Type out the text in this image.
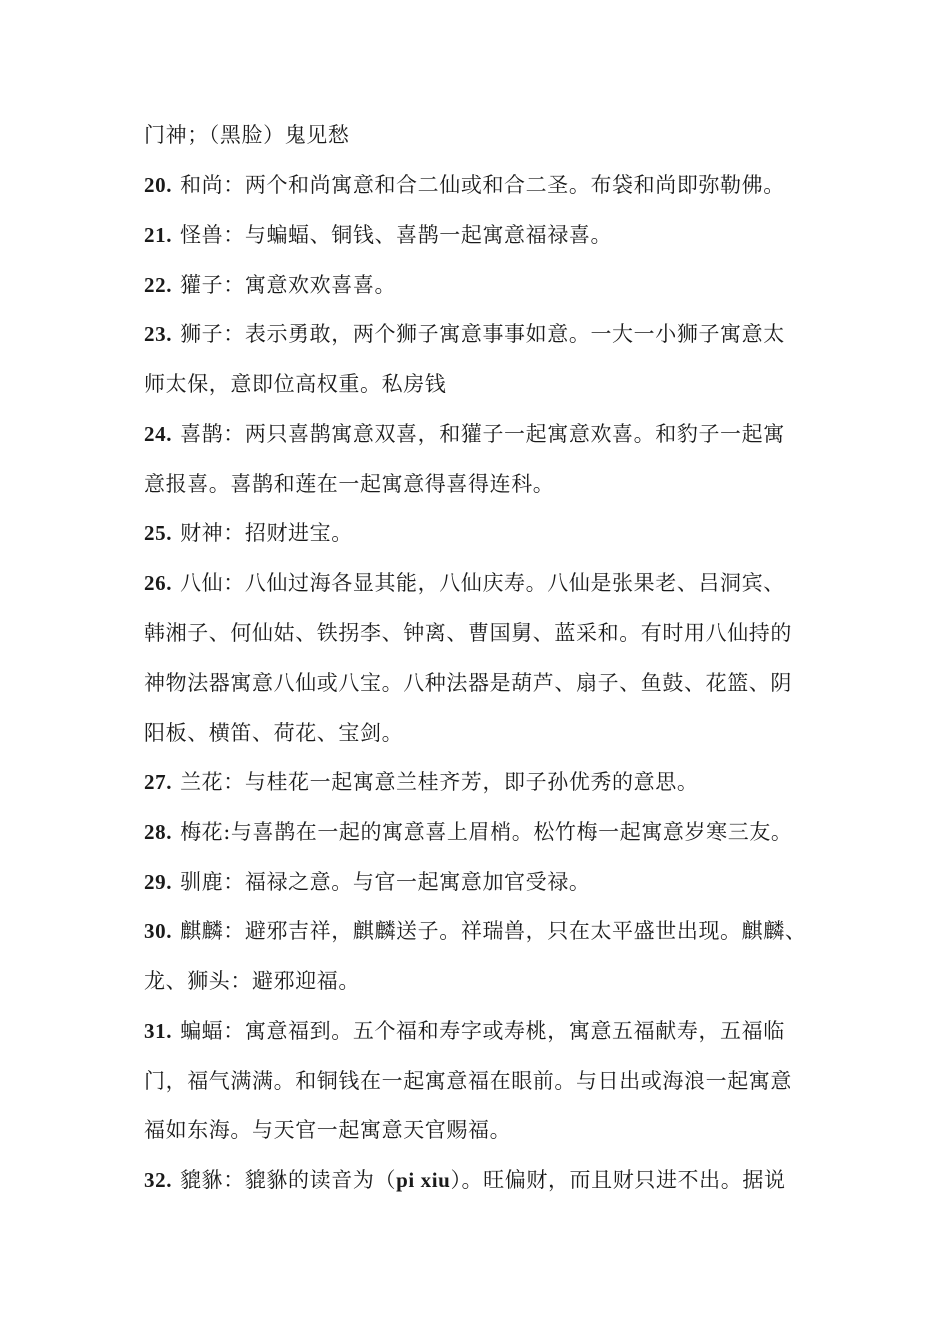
门神；（黑脸）鬼见愁
20. 和尚：两个和尚寓意和合二仙或和合二圣。布袋和尚即弥勒佛。
21. 怪兽：与蝙蝠、铜钱、喜鹊一起寓意福禄喜。
22. 獾子：寓意欢欢喜喜。
23. 狮子：表示勇敢，两个狮子寓意事事如意。一大一小狮子寓意太
师太保，意即位高权重。私房钱
24. 喜鹊：两只喜鹊寓意双喜，和獾子一起寓意欢喜。和豹子一起寓
意报喜。喜鹊和莲在一起寓意得喜得连科。
25. 财神：招财进宝。
26. 八仙：八仙过海各显其能，八仙庆寿。八仙是张果老、吕洞宾、
韩湘子、何仙姑、铁拐李、钟离、曹国舅、蓝采和。有时用八仙持的
神物法器寓意八仙或八宝。八种法器是葫芦、扇子、鱼鼓、花篮、阴
阳板、横笛、荷花、宝剑。
27. 兰花：与桂花一起寓意兰桂齐芳，即子孙优秀的意思。
28. 梅花:与喜鹊在一起的寓意喜上眉梢。松竹梅一起寓意岁寒三友。
29. 驯鹿：福禄之意。与官一起寓意加官受禄。
30. 麒麟：避邪吉祥，麒麟送子。祥瑞兽，只在太平盛世出现。麒麟、
龙、狮头：避邪迎福。
31. 蝙蝠：寓意福到。五个福和寿字或寿桃，寓意五福献寿，五福临
门，福气满满。和铜钱在一起寓意福在眼前。与日出或海浪一起寓意
福如东海。与天官一起寓意天官赐福。
32. 貔貅：貔貅的读音为（pi xiu）。旺偏财，而且财只进不出。据说
